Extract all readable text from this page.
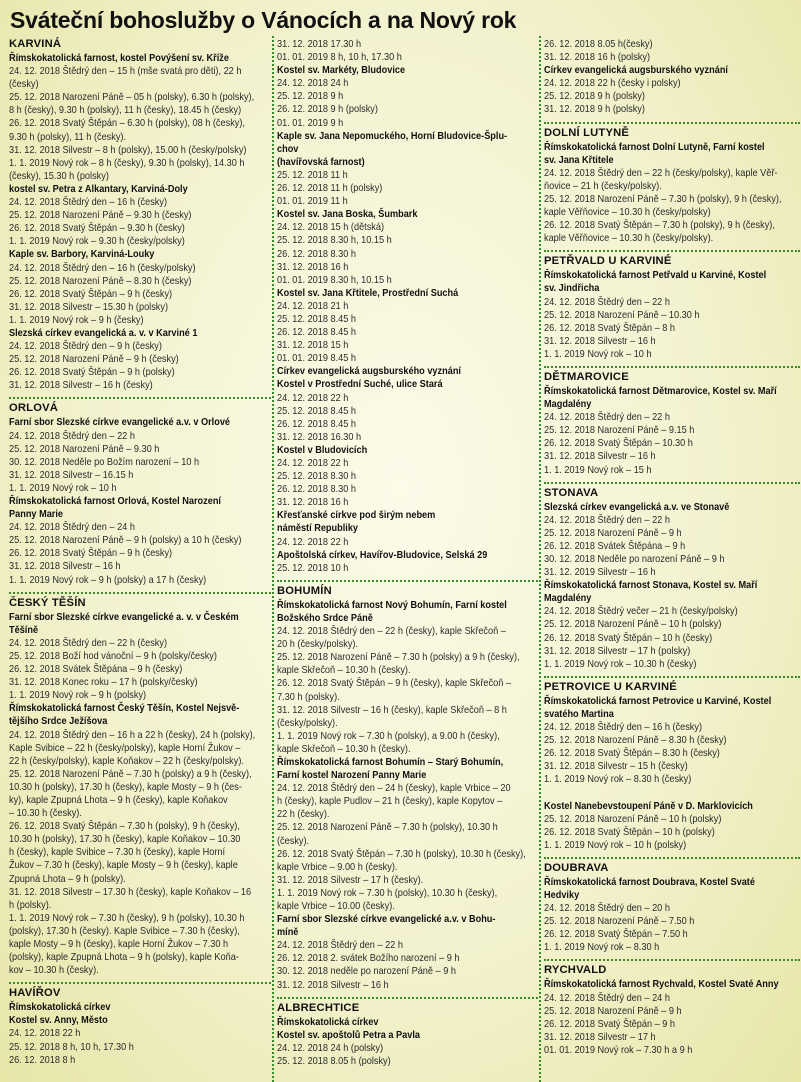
Sváteční bohoslužby o Vánocích a na Nový rok
KARVINÁ
Římskokatolická farnost, kostel Povýšení sv. Kříže
24. 12. 2018 Štědrý den – 15 h (mše svatá pro děti), 22 h
(česky)
25. 12. 2018 Narození Páně – 05 h (polsky), 6.30 h (polsky),
8 h (česky), 9.30 h (polsky), 11 h (česky), 18.45 h (česky)
26. 12. 2018 Svatý Štěpán – 6.30 h (polsky), 08 h (česky),
9.30 h (polsky), 11 h (česky).
31. 12. 2018 Silvestr – 8 h (polsky), 15.00 h (česky/polsky)
1. 1. 2019 Nový rok – 8 h (česky), 9.30 h (polsky), 14.30 h
(česky), 15.30 h (polsky)
kostel sv. Petra z Alkantary, Karviná-Doly
24. 12. 2018 Štědrý den – 16 h (česky)
25. 12. 2018 Narození Páně – 9.30 h (česky)
26. 12. 2018 Svatý Štěpán – 9.30 h (česky)
1. 1. 2019 Nový rok – 9.30 h (česky/polsky)
Kaple sv. Barbory, Karviná-Louky
24. 12. 2018 Štědrý den – 16 h (česky/polsky)
25. 12. 2018 Narození Páně – 8.30 h (česky)
26. 12. 2018 Svatý Štěpán – 9 h (česky)
31. 12. 2018 Silvestr – 15.30 h (polsky)
1. 1. 2019 Nový rok – 9 h (česky)
Slezská církev evangelická a. v. v Karviné 1
24. 12. 2018 Štědrý den – 9 h (česky)
25. 12. 2018 Narození Páně – 9 h (česky)
26. 12. 2018 Svatý Štěpán – 9 h (polsky)
31. 12. 2018 Silvestr – 16 h (česky)
ORLOVÁ
Farní sbor Slezské církve evangelické a.v. v Orlové
24. 12. 2018 Štědrý den – 22 h
25. 12. 2018 Narození Páně – 9.30 h
30. 12. 2018 Neděle po Božím narození – 10 h
31. 12. 2018 Silvestr – 16.15 h
1. 1. 2019 Nový rok – 10 h
Římskokatolická farnost Orlová, Kostel Narození
Panny Marie
24. 12. 2018 Štědrý den – 24 h
25. 12. 2018 Narození Páně – 9 h (polsky) a 10 h (česky)
26. 12. 2018 Svatý Štěpán – 9 h (česky)
31. 12. 2018 Silvestr – 16 h
1. 1. 2019 Nový rok – 9 h (polsky) a 17 h (česky)
ČESKÝ TĚŠÍN
Farní sbor Slezské církve evangelické a. v. v Českém
Těšíně
24. 12. 2018 Štědrý den – 22 h (česky)
25. 12. 2018 Boží hod vánoční – 9 h (polsky/česky)
26. 12. 2018 Svátek Štěpána – 9 h (česky)
31. 12. 2018 Konec roku – 17 h (polsky/česky)
1. 1. 2019 Nový rok – 9 h (polsky)
Římskokatolická farnost Český Těšín, Kostel Nejsvě-
tějšího Srdce Ježíšova
24. 12. 2018 Štědrý den – 16 h a 22 h (česky), 24 h (polsky),
Kaple Svibice – 22 h (česky/polsky), kaple Horní Žukov –
22 h (česky/polsky), kaple Koňakov – 22 h (česky/polsky).
25. 12. 2018 Narození Páně – 7.30 h (polsky) a 9 h (česky),
10.30 h (polsky), 17.30 h (česky), kaple Mosty – 9 h (čes-
ky), kaple Zpupná Lhota – 9 h (česky), kaple Koňakov
– 10.30 h (česky).
26. 12. 2018 Svatý Štěpán – 7.30 h (polsky), 9 h (česky),
10.30 h (polsky), 17.30 h (česky), kaple Koňakov – 10.30
h (česky), kaple Svibice – 7.30 h (česky), kaple Horní
Žukov – 7.30 h (česky), kaple Mosty – 9 h (česky), kaple
Zpupná Lhota – 9 h (polsky).
31. 12. 2018 Silvestr – 17.30 h (česky), kaple Koňakov – 16
h (polsky).
1. 1. 2019 Nový rok – 7.30 h (česky), 9 h (polsky), 10.30 h
(polsky), 17.30 h (česky). Kaple Svibice – 7.30 h (česky),
kaple Mosty – 9 h (česky), kaple Horní Žukov – 7.30 h
(polsky), kaple Zpupná Lhota – 9 h (polsky), kaple Koňa-
kov – 10.30 h (česky).
HAVÍŘOV
Římskokatolická církev
Kostel sv. Anny, Město
24. 12. 2018 22 h
25. 12. 2018 8 h, 10 h, 17.30 h
26. 12. 2018 8 h
31. 12. 2018 17.30 h
01. 01. 2019 8 h, 10 h, 17.30 h
Kostel sv. Markéty, Bludovice
24. 12. 2018 24 h
25. 12. 2018 9 h
26. 12. 2018 9 h (polsky)
01. 01. 2019 9 h
Kaple sv. Jana Nepomuckého, Horní Bludovice-Šplu-
chov
(havířovská farnost)
25. 12. 2018 11 h
26. 12. 2018 11 h (polsky)
01. 01. 2019 11 h
Kostel sv. Jana Boska, Šumbark
24. 12. 2018 15 h (dětská)
25. 12. 2018 8.30 h, 10.15 h
26. 12. 2018 8.30 h
31. 12. 2018 16 h
01. 01. 2019 8.30 h, 10.15 h
Kostel sv. Jana Křtitele, Prostřední Suchá
24. 12. 2018 21 h
25. 12. 2018 8.45 h
26. 12. 2018 8.45 h
31. 12. 2018 15 h
01. 01. 2019 8.45 h
Církev evangelická augsburského vyznání
Kostel v Prostřední Suché, ulice Stará
24. 12. 2018 22 h
25. 12. 2018 8.45 h
26. 12. 2018 8.45 h
31. 12. 2018 16.30 h
Kostel v Bludovicích
24. 12. 2018 22 h
25. 12. 2018 8.30 h
26. 12. 2018 8.30 h
31. 12. 2018 16 h
Křesťanské církve pod širým nebem
náměstí Republiky
24. 12. 2018 22 h
Apoštolská církev, Havířov-Bludovice, Selská 29
25. 12. 2018 10 h
BOHUMÍN
Římskokatolická farnost Nový Bohumín, Farní kostel
Božského Srdce Páně
24. 12. 2018 Štědrý den – 22 h (česky), kaple Skřečoň –
20 h (česky/polsky).
25. 12. 2018 Narození Páně – 7.30 h (polsky) a 9 h (česky),
kaple Skřečoň – 10.30 h (česky).
26. 12. 2018 Svatý Štěpán – 9 h (česky), kaple Skřečoň –
7.30 h (polsky).
31. 12. 2018 Silvestr – 16 h (česky), kaple Skřečoň – 8 h
(česky/polsky).
1. 1. 2019 Nový rok – 7.30 h (polsky), a 9.00 h (česky),
kaple Skřečoň – 10.30 h (česky).
Římskokatolická farnost Bohumín – Starý Bohumín,
Farní kostel Narození Panny Marie
24. 12. 2018 Štědrý den – 24 h (česky), kaple Vrbice – 20
h (česky), kaple Pudlov – 21 h (česky), kaple Kopytov –
22 h (česky).
25. 12. 2018 Narození Páně – 7.30 h (polsky), 10.30 h
(česky).
26. 12. 2018 Svatý Štěpán – 7.30 h (polsky), 10.30 h (česky),
kaple Vrbice – 9.00 h (česky).
31. 12. 2018 Silvestr – 17 h (česky).
1. 1. 2019 Nový rok – 7.30 h (polsky), 10.30 h (česky),
kaple Vrbice – 10.00 (česky).
Farní sbor Slezské církve evangelické a.v. v Bohu-
míně
24. 12. 2018 Štědrý den – 22 h
26. 12. 2018 2. svátek Božího narození – 9 h
30. 12. 2018 neděle po narození Páně – 9 h
31. 12. 2018 Silvestr – 16 h
ALBRECHTICE
Římskokatolická církev
Kostel sv. apoštolů Petra a Pavla
24. 12. 2018 24 h (polsky)
25. 12. 2018 8.05 h (polsky)
26. 12. 2018 8.05 h(česky)
31. 12. 2018 16 h (polsky)
Církev evangelická augsburského vyznání
24. 12. 2018 22 h (česky i polsky)
25. 12. 2018 9 h (polsky)
31. 12. 2018 9 h (polsky)
DOLNÍ LUTYNĚ
Římskokatolická farnost Dolní Lutyně, Farní kostel
sv. Jana Křtitele
24. 12. 2018 Štědrý den – 22 h (česky/polsky), kaple Věř-
ňovice – 21 h (česky/polsky).
25. 12. 2018 Narození Páně – 7.30 h (polsky), 9 h (česky),
kaple Věřňovice – 10.30 h (česky/polsky)
26. 12. 2018 Svatý Štěpán – 7.30 h (polsky), 9 h (česky),
kaple Věřňovice – 10.30 h (česky/polsky).
PETŘVALD U KARVINÉ
Římskokatolická farnost Petřvald u Karviné, Kostel
sv. Jindřicha
24. 12. 2018 Štědrý den – 22 h
25. 12. 2018 Narození Páně – 10.30 h
26. 12. 2018 Svatý Štěpán – 8 h
31. 12. 2018 Silvestr – 16 h
1. 1. 2019 Nový rok – 10 h
DĚTMAROVICE
Římskokatolická farnost Dětmarovice, Kostel sv. Maří
Magdalény
24. 12. 2018 Štědrý den – 22 h
25. 12. 2018 Narození Páně – 9.15 h
26. 12. 2018 Svatý Štěpán – 10.30 h
31. 12. 2018 Silvestr – 16 h
1. 1. 2019 Nový rok – 15 h
STONAVA
Slezská církev evangelická a.v. ve Stonavě
24. 12. 2018 Štědrý den – 22 h
25. 12. 2018 Narození Páně – 9 h
26. 12. 2018 Svátek Štěpána – 9 h
30. 12. 2018 Neděle po narození Páně – 9 h
31. 12. 2019 Silvestr – 16 h
Římskokatolická farnost Stonava, Kostel sv. Maří
Magdalény
24. 12. 2018 Štědrý večer – 21 h (česky/polsky)
25. 12. 2018 Narození Páně – 10 h (polsky)
26. 12. 2018 Svatý Štěpán – 10 h (česky)
31. 12. 2018 Silvestr – 17 h (polsky)
1. 1. 2019 Nový rok – 10.30 h (česky)
PETROVICE U KARVINÉ
Římskokatolická farnost Petrovice u Karviné, Kostel
svatého Martina
24. 12. 2018 Štědrý den – 16 h (česky)
25. 12. 2018 Narození Páně – 8.30 h (česky)
26. 12. 2018 Svatý Štěpán – 8.30 h (česky)
31. 12. 2018 Silvestr – 15 h (česky)
1. 1. 2019 Nový rok – 8.30 h (česky)
Kostel Nanebevstoupení Páně v D. Marklovicích
25. 12. 2018 Narození Páně – 10 h (polsky)
26. 12. 2018 Svatý Štěpán – 10 h (polsky)
1. 1. 2019 Nový rok – 10 h (polsky)
DOUBRAVA
Římskokatolická farnost Doubrava, Kostel Svaté
Hedviky
24. 12. 2018 Štědrý den – 20 h
25. 12. 2018 Narození Páně – 7.50 h
26. 12. 2018 Svatý Štěpán – 7.50 h
1. 1. 2019 Nový rok – 8.30 h
RYCHVALD
Římskokatolická farnost Rychvald, Kostel Svaté Anny
24. 12. 2018 Štědrý den – 24 h
25. 12. 2018 Narození Páně – 9 h
26. 12. 2018 Svatý Štěpán – 9 h
31. 12. 2018 Silvestr – 17 h
01. 01. 2019 Nový rok – 7.30 h a 9 h
